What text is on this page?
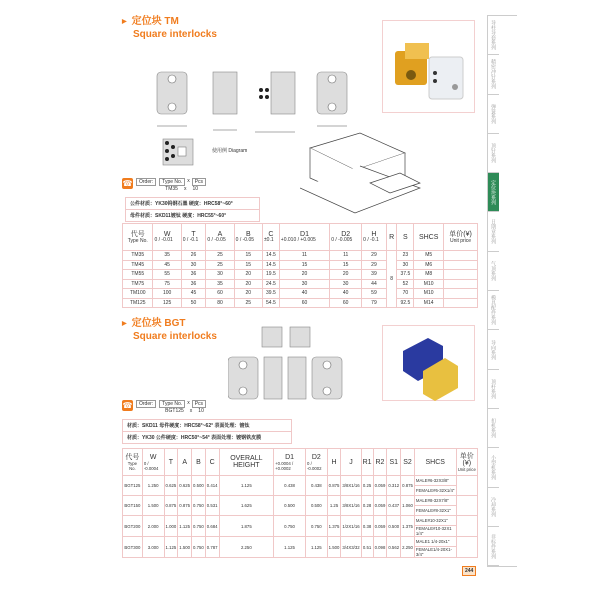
导柱导套系列
精密冲针系列
弹簧系列
顶针系列
定位块系列
日期章系列
气顶系列
模具配件系列
导向系列
顶杆系列
扣机系列
小型机系列
冷却系列
非标件系列
▶ 定位块 TM
Square interlocks
使用例 Diagram
☎	Order:	Type No.	x	Pcs
TM35 x 10
公件材质：YK30钨钢石墨 硬度：HRC58°~60°
母件材质：SKD11镀钛 硬度：HRC55°~60°
代号
Type No.	W
0 / -0.01	T
0 / -0.1	A
0 / -0.05	B
0 / -0.05	C
±0.1	D1
+0.010 / +0.005	D2
0 / -0.005	H
0 / -0.1	R	S	SHCS	单价(¥)
Unit price
TM35	35	26	25	15	14.5	11	11	29	8	23	M5	
TM45	45	30	25	15	14.5	15	15	29		30	M6	
TM55	55	36	30	20	19.5	20	20	39		37.5	M8	
TM75	75	36	35	20	24.5	30	30	44		52	M10	
TM100	100	45	60	20	39.5	40	40	59		70	M10	
TM125	125	50	80	25	54.5	60	60	79		92.5	M14	
▶ 定位块 BGT
Square interlocks
☎	Order:	Type No.	x	Pcs
BGT125 x 10
材质：SKD11 母件硬度：HRC58°~62° 表面处理：镀钛
材质：YK30 公件硬度：HRC50°~54° 表面处理：镀钢铁皮膜
代号
Type No.	W
0 / -0.0004	T	A	B	C	OVERALL HEIGHT	D1
+0.0004 / +0.0002	D2
0 / -0.0002	H	J	R1	R2	S1	S2	SHCS	单价(¥)
Unit price
BGT125	1.250	0.625	0.625	0.500	0.414	1.125	0.438	0.438	0.875	3/8X1/16	0.25	0.059	0.312	0.875	MALE#6-32X3/8"	
															FEMALE#6-32X1/4"	
BGT150	1.500	0.875	0.875	0.750	0.531	1.625	0.500	0.500	1.25	3/8X1/16	0.28	0.059	0.437	1.060	MALE#8-32X7/8"	
															FEMALE#8-32X1"	
BGT200	2.000	1.000	1.125	0.750	0.684	1.875	0.750	0.750	1.375	1/2X1/16	0.38	0.059	0.500	1.375	MALE#10-32X1"	
															FEMALE#10-32X1 1/4"	
BGT300	3.000	1.125	1.500	0.750	0.787	2.250	1.125	1.125	1.500	3/4X3/32	0.51	0.098	0.562	2.250	MALE1 1/4-20x1"	
															FEMALE1/4-20X1-3/4"	
244
